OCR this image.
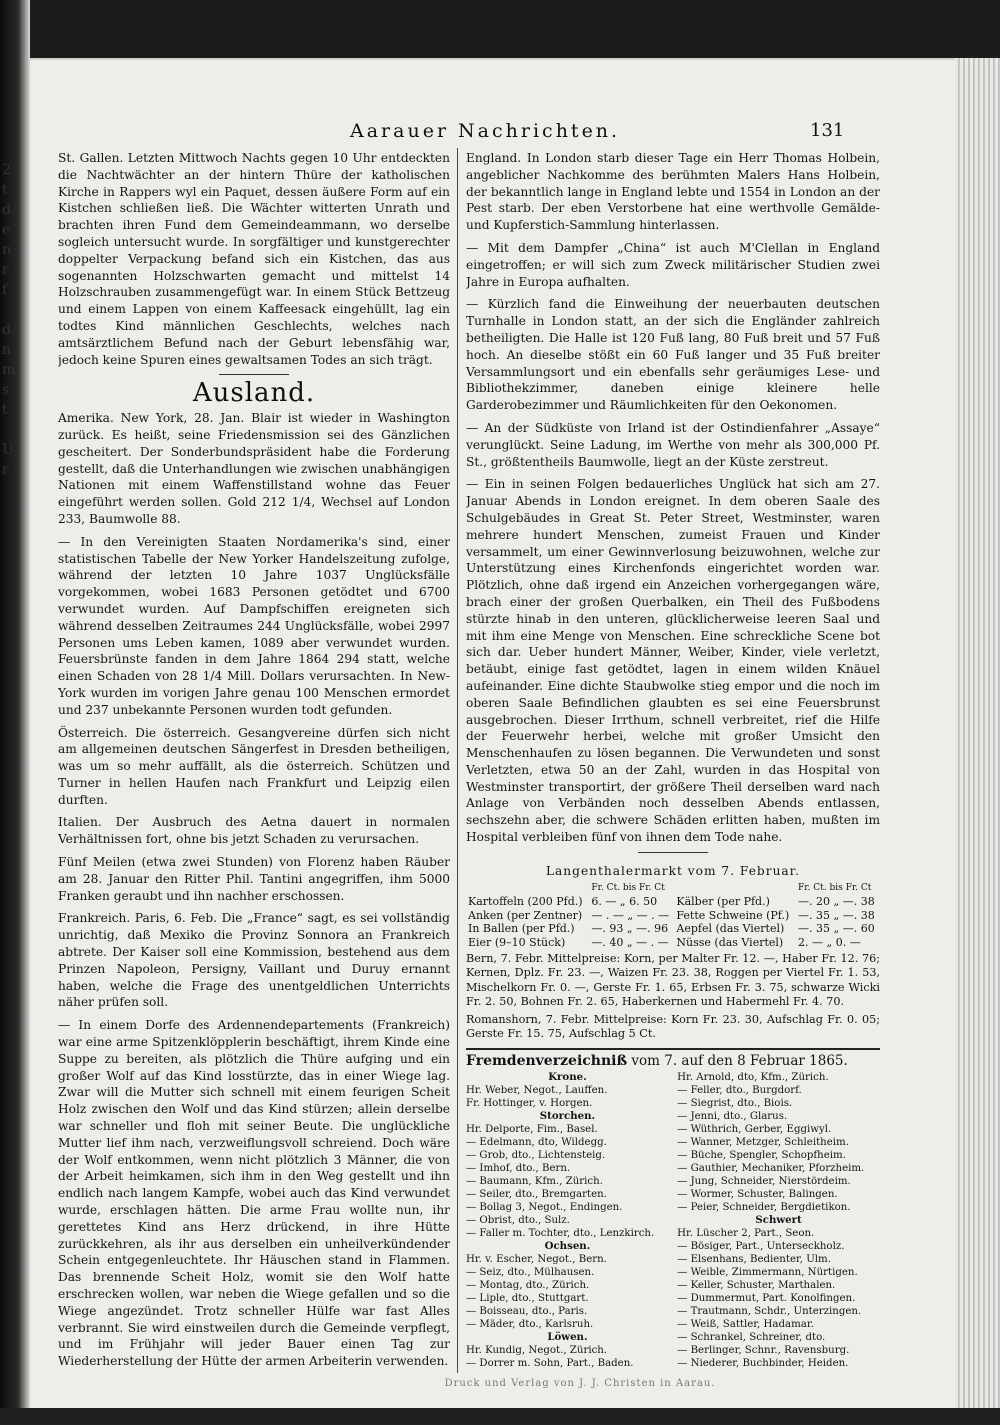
2
t
d
e
n
r
f

d
n
m
s
t

U
r
Aarauer Nachrichten.	131

St. Gallen. Letzten Mittwoch Nachts gegen 10 Uhr entdeckten die Nachtwächter an der hintern Thüre der katholischen Kirche in Rappers wyl ein Paquet, dessen äußere Form auf ein Kistchen schließen ließ. Die Wächter witterten Unrath und brachten ihren Fund dem Gemeindeammann, wo derselbe sogleich untersucht wurde. In sorgfältiger und kunstgerechter doppelter Verpackung befand sich ein Kistchen, das aus sogenannten Holzschwarten gemacht und mittelst 14 Holzschrauben zusammengefügt war. In einem Stück Bettzeug und einem Lappen von einem Kaffeesack eingehüllt, lag ein todtes Kind männlichen Geschlechts, welches nach amtsärztlichem Befund nach der Geburt lebensfähig war, jedoch keine Spuren eines gewaltsamen Todes an sich trägt.

Ausland.

Amerika. New York, 28. Jan. Blair ist wieder in Washington zurück. Es heißt, seine Friedensmission sei des Gänzlichen gescheitert. Der Sonderbundspräsident habe die Forderung gestellt, daß die Unterhandlungen wie zwischen unabhängigen Nationen mit einem Waffenstillstand wohne das Feuer eingeführt werden sollen. Gold 212 1/4, Wechsel auf London 233, Baumwolle 88.

— In den Vereinigten Staaten Nordamerika's sind, einer statistischen Tabelle der New Yorker Handelszeitung zufolge, während der letzten 10 Jahre 1037 Unglücksfälle vorgekommen, wobei 1683 Personen getödtet und 6700 verwundet wurden. Auf Dampfschiffen ereigneten sich während desselben Zeitraumes 244 Unglücksfälle, wobei 2997 Personen ums Leben kamen, 1089 aber verwundet wurden. Feuersbrünste fanden in dem Jahre 1864 294 statt, welche einen Schaden von 28 1/4 Mill. Dollars verursachten. In New-York wurden im vorigen Jahre genau 100 Menschen ermordet und 237 unbekannte Personen wurden todt gefunden.

Österreich. Die österreich. Gesangvereine dürfen sich nicht am allgemeinen deutschen Sängerfest in Dresden betheiligen, was um so mehr auffällt, als die österreich. Schützen und Turner in hellen Haufen nach Frankfurt und Leipzig eilen durften.

Italien. Der Ausbruch des Aetna dauert in normalen Verhältnissen fort, ohne bis jetzt Schaden zu verursachen.

Fünf Meilen (etwa zwei Stunden) von Florenz haben Räuber am 28. Januar den Ritter Phil. Tantini angegriffen, ihm 5000 Franken geraubt und ihn nachher erschossen.

Frankreich. Paris, 6. Feb. Die „France“ sagt, es sei vollständig unrichtig, daß Mexiko die Provinz Sonnora an Frankreich abtrete. Der Kaiser soll eine Kommission, bestehend aus dem Prinzen Napoleon, Persigny, Vaillant und Duruy ernannt haben, welche die Frage des unentgeldlichen Unterrichts näher prüfen soll.

— In einem Dorfe des Ardennendepartements (Frankreich) war eine arme Spitzenklöpplerin beschäftigt, ihrem Kinde eine Suppe zu bereiten, als plötzlich die Thüre aufging und ein großer Wolf auf das Kind losstürzte, das in einer Wiege lag. Zwar will die Mutter sich schnell mit einem feurigen Scheit Holz zwischen den Wolf und das Kind stürzen; allein derselbe war schneller und floh mit seiner Beute. Die unglückliche Mutter lief ihm nach, verzweiflungsvoll schreiend. Doch wäre der Wolf entkommen, wenn nicht plötzlich 3 Männer, die von der Arbeit heimkamen, sich ihm in den Weg gestellt und ihn endlich nach langem Kampfe, wobei auch das Kind verwundet wurde, erschlagen hätten. Die arme Frau wollte nun, ihr gerettetes Kind ans Herz drückend, in ihre Hütte zurückkehren, als ihr aus derselben ein unheilverkündender Schein entgegenleuchtete. Ihr Häuschen stand in Flammen. Das brennende Scheit Holz, womit sie den Wolf hatte erschrecken wollen, war neben die Wiege gefallen und so die Wiege angezündet. Trotz schneller Hülfe war fast Alles verbrannt. Sie wird einstweilen durch die Gemeinde verpflegt, und im Frühjahr will jeder Bauer einen Tag zur Wiederherstellung der Hütte der armen Arbeiterin verwenden.

England. In London starb dieser Tage ein Herr Thomas Holbein, angeblicher Nachkomme des berühmten Malers Hans Holbein, der bekanntlich lange in England lebte und 1554 in London an der Pest starb. Der eben Verstorbene hat eine werthvolle Gemälde- und Kupferstich-Sammlung hinterlassen.

— Mit dem Dampfer „China“ ist auch M'Clellan in England eingetroffen; er will sich zum Zweck militärischer Studien zwei Jahre in Europa aufhalten.

— Kürzlich fand die Einweihung der neuerbauten deutschen Turnhalle in London statt, an der sich die Engländer zahlreich betheiligten. Die Halle ist 120 Fuß lang, 80 Fuß breit und 57 Fuß hoch. An dieselbe stößt ein 60 Fuß langer und 35 Fuß breiter Versammlungsort und ein ebenfalls sehr geräumiges Lese- und Bibliothekzimmer, daneben einige kleinere helle Garderobezimmer und Räumlichkeiten für den Oekonomen.

— An der Südküste von Irland ist der Ostindienfahrer „Assaye“ verunglückt. Seine Ladung, im Werthe von mehr als 300,000 Pf. St., größtentheils Baumwolle, liegt an der Küste zerstreut.

— Ein in seinen Folgen bedauerliches Unglück hat sich am 27. Januar Abends in London ereignet. In dem oberen Saale des Schulgebäudes in Great St. Peter Street, Westminster, waren mehrere hundert Menschen, zumeist Frauen und Kinder versammelt, um einer Gewinnverlosung beizuwohnen, welche zur Unterstützung eines Kirchenfonds eingerichtet worden war. Plötzlich, ohne daß irgend ein Anzeichen vorhergegangen wäre, brach einer der großen Querbalken, ein Theil des Fußbodens stürzte hinab in den unteren, glücklicherweise leeren Saal und mit ihm eine Menge von Menschen. Eine schreckliche Scene bot sich dar. Ueber hundert Männer, Weiber, Kinder, viele verletzt, betäubt, einige fast getödtet, lagen in einem wilden Knäuel aufeinander. Eine dichte Staubwolke stieg empor und die noch im oberen Saale Befindlichen glaubten es sei eine Feuersbrunst ausgebrochen. Dieser Irrthum, schnell verbreitet, rief die Hilfe der Feuerwehr herbei, welche mit großer Umsicht den Menschenhaufen zu lösen begannen. Die Verwundeten und sonst Verletzten, etwa 50 an der Zahl, wurden in das Hospital von Westminster transportirt, der größere Theil derselben ward nach Anlage von Verbänden noch desselben Abends entlassen, sechszehn aber, die schwere Schäden erlitten haben, mußten im Hospital verbleiben fünf von ihnen dem Tode nahe.

Langenthalermarkt vom 7. Februar.
	Fr. Ct. bis Fr. Ct		Fr. Ct. bis Fr. Ct
Kartoffeln (200 Pfd.)	6. — „ 6. 50	Kälber (per Pfd.)	—. 20 „ —. 38
Anken (per Zentner)	— . — „ — . —	Fette Schweine (Pf.)	—. 35 „ —. 38
In Ballen (per Pfd.)	—. 93 „ —. 96	Aepfel (das Viertel)	—. 35 „ —. 60
Eier (9–10 Stück)	—. 40 „ — . —	Nüsse (das Viertel)	2. — „ 0. —

Bern, 7. Febr. Mittelpreise: Korn, per Malter Fr. 12. —, Haber Fr. 12. 76; Kernen, Dplz. Fr. 23. —, Waizen Fr. 23. 38, Roggen per Viertel Fr. 1. 53, Mischelkorn Fr. 0. —, Gerste Fr. 1. 65, Erbsen Fr. 3. 75, schwarze Wicki Fr. 2. 50, Bohnen Fr. 2. 65, Haberkernen und Habermehl Fr. 4. 70.

Romanshorn, 7. Febr. Mittelpreise: Korn Fr. 23. 30, Aufschlag Fr. 0. 05; Gerste Fr. 15. 75, Aufschlag 5 Ct.

Fremdenverzeichniß vom 7. auf den 8 Februar 1865.
Krone.
Hr. Weber, Negot., Lauffen.
Fr. Hottinger, v. Horgen.
Storchen.
Hr. Delporte, Fim., Basel.
— Edelmann, dto, Wildegg.
— Grob, dto., Lichtensteig.
— Imhof, dto., Bern.
— Baumann, Kfm., Zürich.
— Seiler, dto., Bremgarten.
— Bollag 3, Negot., Endingen.
— Obrist, dto., Sulz.
— Faller m. Tochter, dto., Lenzkirch.
Ochsen.
Hr. v. Escher, Negot., Bern.
— Seiz, dto., Mülhausen.
— Montag, dto., Zürich.
— Liple, dto., Stuttgart.
— Boisseau, dto., Paris.
— Mäder, dto., Karlsruh.
Löwen.
Hr. Kundig, Negot., Zürich.
— Dorrer m. Sohn, Part., Baden.
Hr. Arnold, dto, Kfm., Zürich.
— Feller, dto., Burgdorf.
— Siegrist, dto., Biois.
— Jenni, dto., Glarus.
— Wüthrich, Gerber, Eggiwyl.
— Wanner, Metzger, Schleitheim.
— Büche, Spengler, Schopfheim.
— Gauthier, Mechaniker, Pforzheim.
— Jung, Schneider, Nierstördeim.
— Wormer, Schuster, Balingen.
— Peier, Schneider, Bergdietikon.
Schwert
Hr. Lüscher 2, Part., Seon.
— Bösiger, Part., Unterseckholz.
— Elsenhans, Bedienter, Ulm.
— Weible, Zimmermann, Nürtigen.
— Keller, Schuster, Marthalen.
— Dummermut, Part. Konolfingen.
— Trautmann, Schdr., Unterzingen.
— Weiß, Sattler, Hadamar.
— Schrankel, Schreiner, dto.
— Berlinger, Schnr., Ravensburg.
— Niederer, Buchbinder, Heiden.
Druck und Verlag von J. J. Christen in Aarau.
